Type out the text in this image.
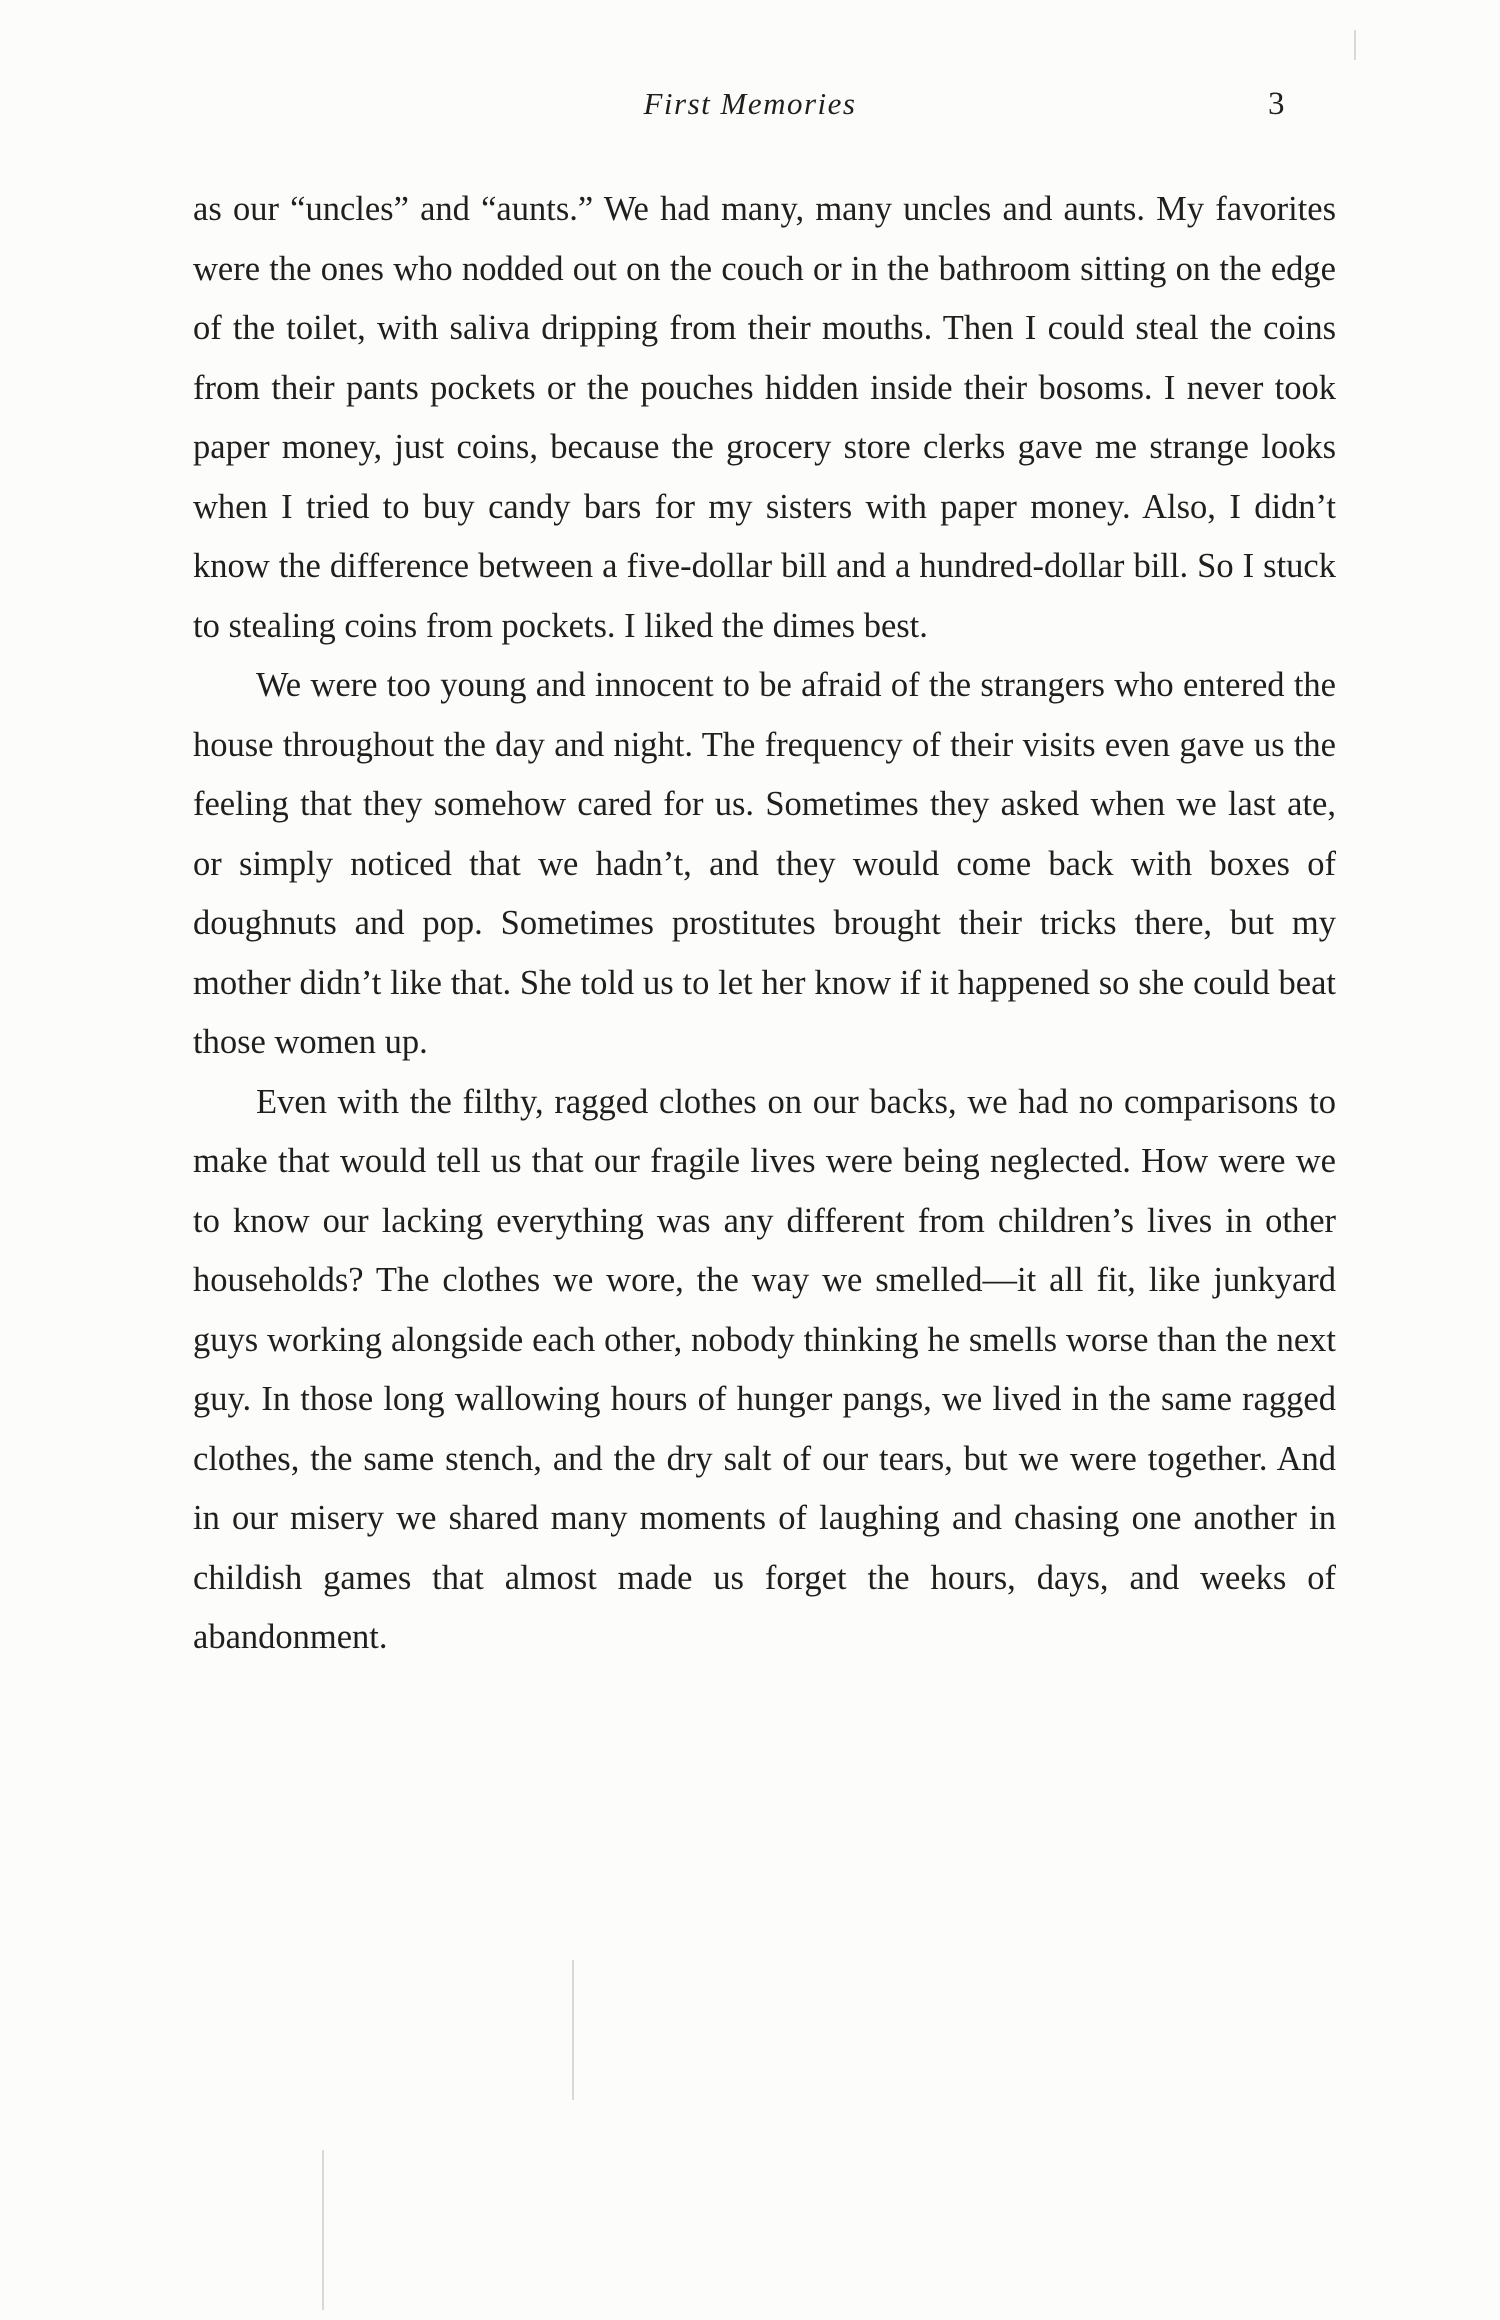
First Memories	3

as our “uncles” and “aunts.” We had many, many uncles and aunts. My favorites were the ones who nodded out on the couch or in the bathroom sitting on the edge of the toilet, with saliva dripping from their mouths. Then I could steal the coins from their pants pockets or the pouches hidden inside their bosoms. I never took paper money, just coins, because the grocery store clerks gave me strange looks when I tried to buy candy bars for my sisters with paper money. Also, I didn’t know the difference between a five-dollar bill and a hundred-dollar bill. So I stuck to stealing coins from pockets. I liked the dimes best.

We were too young and innocent to be afraid of the strangers who entered the house throughout the day and night. The frequency of their visits even gave us the feeling that they somehow cared for us. Sometimes they asked when we last ate, or simply noticed that we hadn’t, and they would come back with boxes of doughnuts and pop. Sometimes prostitutes brought their tricks there, but my mother didn’t like that. She told us to let her know if it happened so she could beat those women up.

Even with the filthy, ragged clothes on our backs, we had no comparisons to make that would tell us that our fragile lives were being neglected. How were we to know our lacking everything was any different from children’s lives in other households? The clothes we wore, the way we smelled—it all fit, like junkyard guys working alongside each other, nobody thinking he smells worse than the next guy. In those long wallowing hours of hunger pangs, we lived in the same ragged clothes, the same stench, and the dry salt of our tears, but we were together. And in our misery we shared many moments of laughing and chasing one another in childish games that almost made us forget the hours, days, and weeks of abandonment.
